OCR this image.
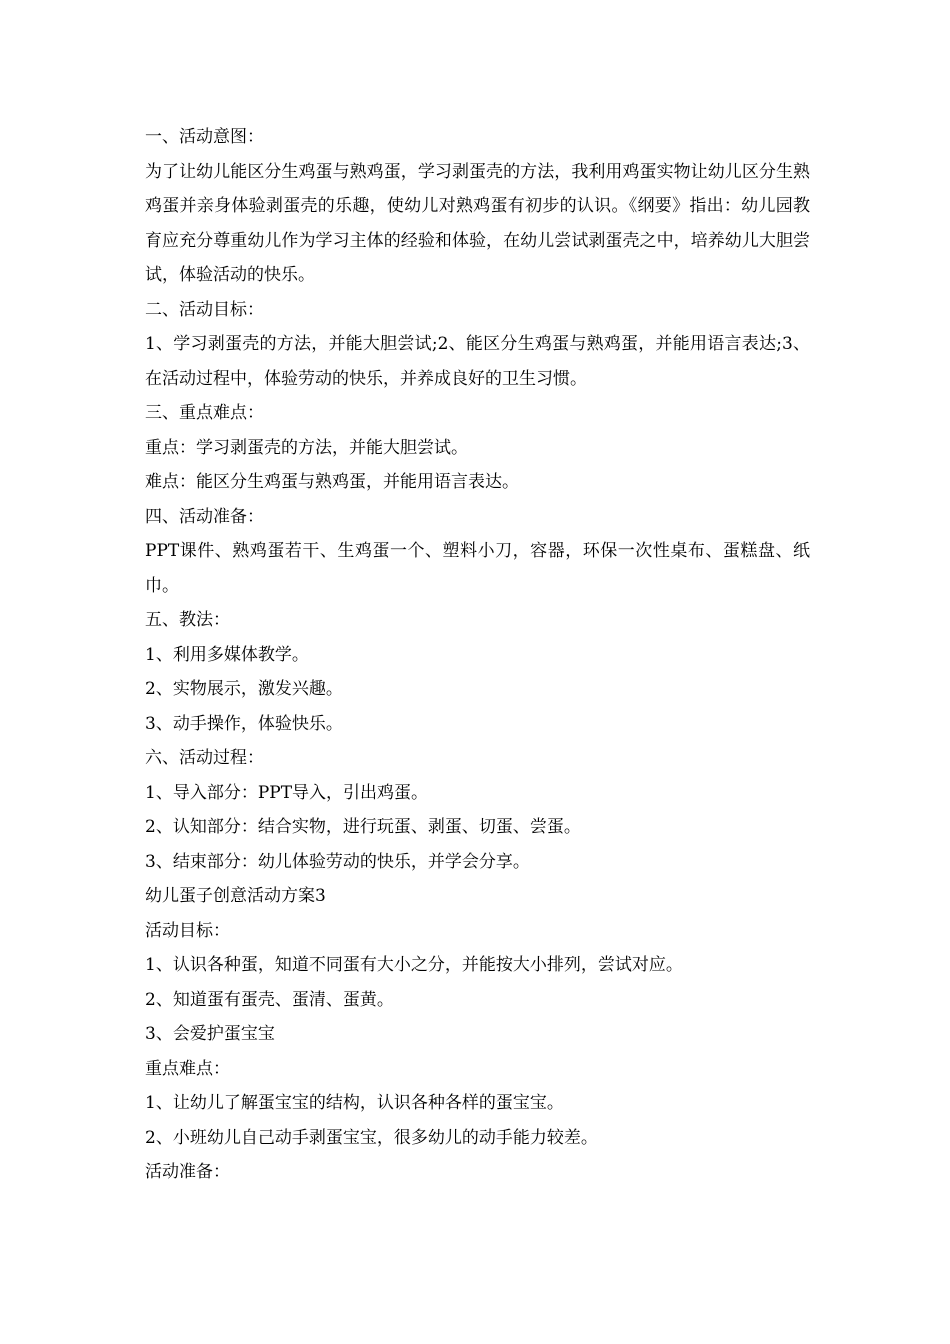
一、活动意图：

为了让幼儿能区分生鸡蛋与熟鸡蛋，学习剥蛋壳的方法，我利用鸡蛋实物让幼儿区分生熟鸡蛋并亲身体验剥蛋壳的乐趣，使幼儿对熟鸡蛋有初步的认识。《纲要》指出：幼儿园教育应充分尊重幼儿作为学习主体的经验和体验，在幼儿尝试剥蛋壳之中，培养幼儿大胆尝试，体验活动的快乐。

二、活动目标：

1、学习剥蛋壳的方法，并能大胆尝试;2、能区分生鸡蛋与熟鸡蛋，并能用语言表达;3、在活动过程中，体验劳动的快乐，并养成良好的卫生习惯。

三、重点难点：

重点：学习剥蛋壳的方法，并能大胆尝试。

难点：能区分生鸡蛋与熟鸡蛋，并能用语言表达。

四、活动准备：

PPT课件、熟鸡蛋若干、生鸡蛋一个、塑料小刀，容器，环保一次性桌布、蛋糕盘、纸巾。

五、教法：

1、利用多媒体教学。

2、实物展示，激发兴趣。

3、动手操作，体验快乐。

六、活动过程：

1、导入部分：PPT导入，引出鸡蛋。

2、认知部分：结合实物，进行玩蛋、剥蛋、切蛋、尝蛋。

3、结束部分：幼儿体验劳动的快乐，并学会分享。

幼儿蛋子创意活动方案3

活动目标：

1、认识各种蛋，知道不同蛋有大小之分，并能按大小排列，尝试对应。

2、知道蛋有蛋壳、蛋清、蛋黄。

3、会爱护蛋宝宝

重点难点：

1、让幼儿了解蛋宝宝的结构，认识各种各样的蛋宝宝。

2、小班幼儿自己动手剥蛋宝宝，很多幼儿的动手能力较差。

活动准备：
